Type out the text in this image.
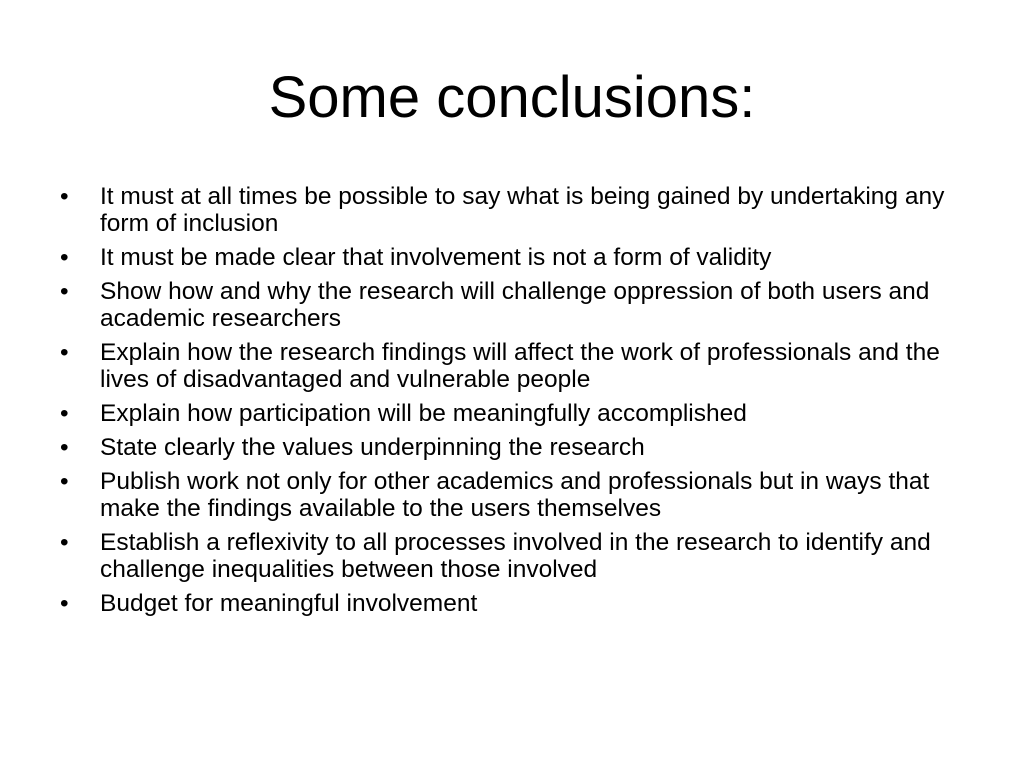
Some conclusions:
•	It must at all times be possible to say what is being gained by undertaking any form of inclusion
•	It must be made clear that involvement is not a form of validity
•	Show how and why the research will challenge oppression of both users and academic researchers
•	Explain how the research findings will affect the work of professionals and the lives of disadvantaged and vulnerable people
•	Explain how participation will be meaningfully accomplished
•	State clearly the values underpinning the research
•	Publish work not only for other academics and professionals but in ways that make the findings available to the users themselves
•	Establish a reflexivity to all processes involved in the research to identify and challenge inequalities between those involved
•	Budget for meaningful involvement
